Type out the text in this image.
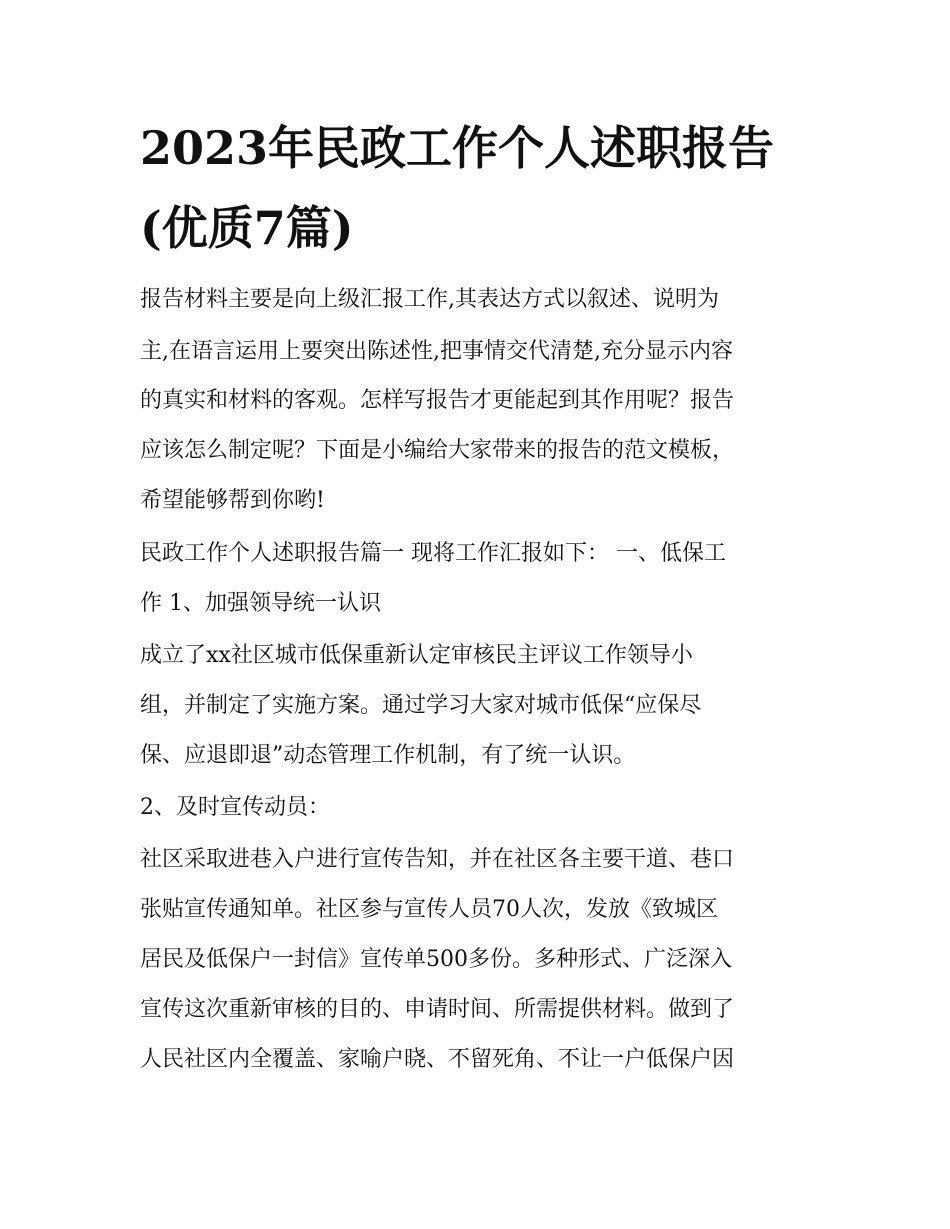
2023年民政工作个人述职报告
(优质7篇)

报告材料主要是向上级汇报工作,其表达方式以叙述、说明为

主,在语言运用上要突出陈述性,把事情交代清楚,充分显示内容

的真实和材料的客观。怎样写报告才更能起到其作用呢？报告

应该怎么制定呢？下面是小编给大家带来的报告的范文模板，

希望能够帮到你哟!

民政工作个人述职报告篇一 现将工作汇报如下： 一、低保工

作 1、加强领导统一认识

成立了xx社区城市低保重新认定审核民主评议工作领导小

组，并制定了实施方案。通过学习大家对城市低保“应保尽

保、应退即退”动态管理工作机制，有了统一认识。

2、及时宣传动员：

社区采取进巷入户进行宣传告知，并在社区各主要干道、巷口

张贴宣传通知单。社区参与宣传人员70人次，发放《致城区

居民及低保户一封信》宣传单500多份。多种形式、广泛深入

宣传这次重新审核的目的、申请时间、所需提供材料。做到了

人民社区内全覆盖、家喻户晓、不留死角、不让一户低保户因
